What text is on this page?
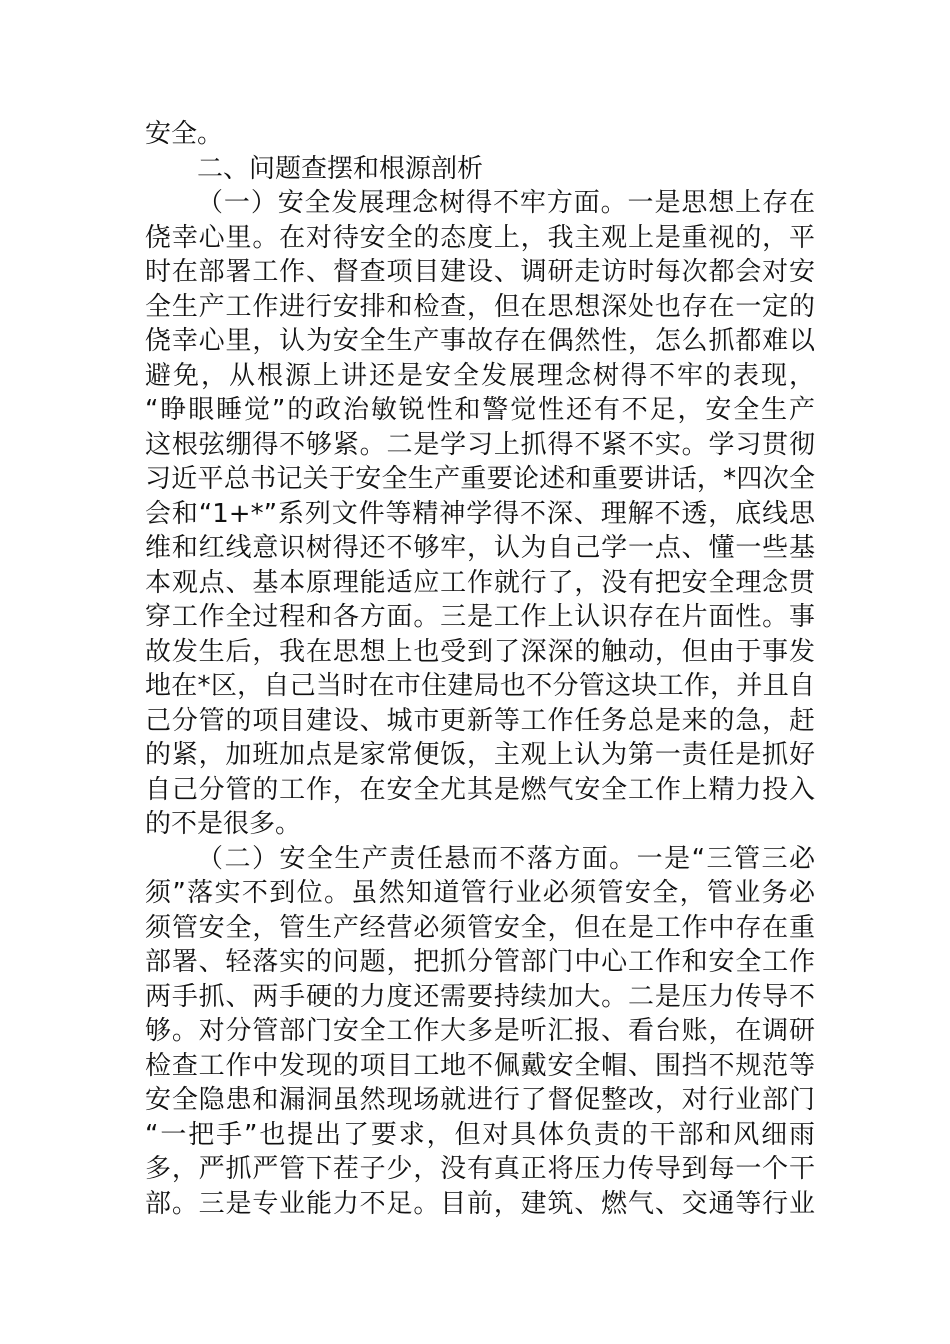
安全。
二、问题查摆和根源剖析
（一）安全发展理念树得不牢方面。一是思想上存在
侥幸心里。在对待安全的态度上，我主观上是重视的，平
时在部署工作、督查项目建设、调研走访时每次都会对安
全生产工作进行安排和检查，但在思想深处也存在一定的
侥幸心里，认为安全生产事故存在偶然性，怎么抓都难以
避免，从根源上讲还是安全发展理念树得不牢的表现，
“睁眼睡觉”的政治敏锐性和警觉性还有不足，安全生产
这根弦绷得不够紧。二是学习上抓得不紧不实。学习贯彻
习近平总书记关于安全生产重要论述和重要讲话，*四次全
会和“1+*”系列文件等精神学得不深、理解不透，底线思
维和红线意识树得还不够牢，认为自己学一点、懂一些基
本观点、基本原理能适应工作就行了，没有把安全理念贯
穿工作全过程和各方面。三是工作上认识存在片面性。事
故发生后，我在思想上也受到了深深的触动，但由于事发
地在*区，自己当时在市住建局也不分管这块工作，并且自
己分管的项目建设、城市更新等工作任务总是来的急，赶
的紧，加班加点是家常便饭，主观上认为第一责任是抓好
自己分管的工作，在安全尤其是燃气安全工作上精力投入
的不是很多。
（二）安全生产责任悬而不落方面。一是“三管三必
须”落实不到位。虽然知道管行业必须管安全，管业务必
须管安全，管生产经营必须管安全，但在是工作中存在重
部署、轻落实的问题，把抓分管部门中心工作和安全工作
两手抓、两手硬的力度还需要持续加大。二是压力传导不
够。对分管部门安全工作大多是听汇报、看台账，在调研
检查工作中发现的项目工地不佩戴安全帽、围挡不规范等
安全隐患和漏洞虽然现场就进行了督促整改，对行业部门
“一把手”也提出了要求，但对具体负责的干部和风细雨
多，严抓严管下茬子少，没有真正将压力传导到每一个干
部。三是专业能力不足。目前，建筑、燃气、交通等行业
